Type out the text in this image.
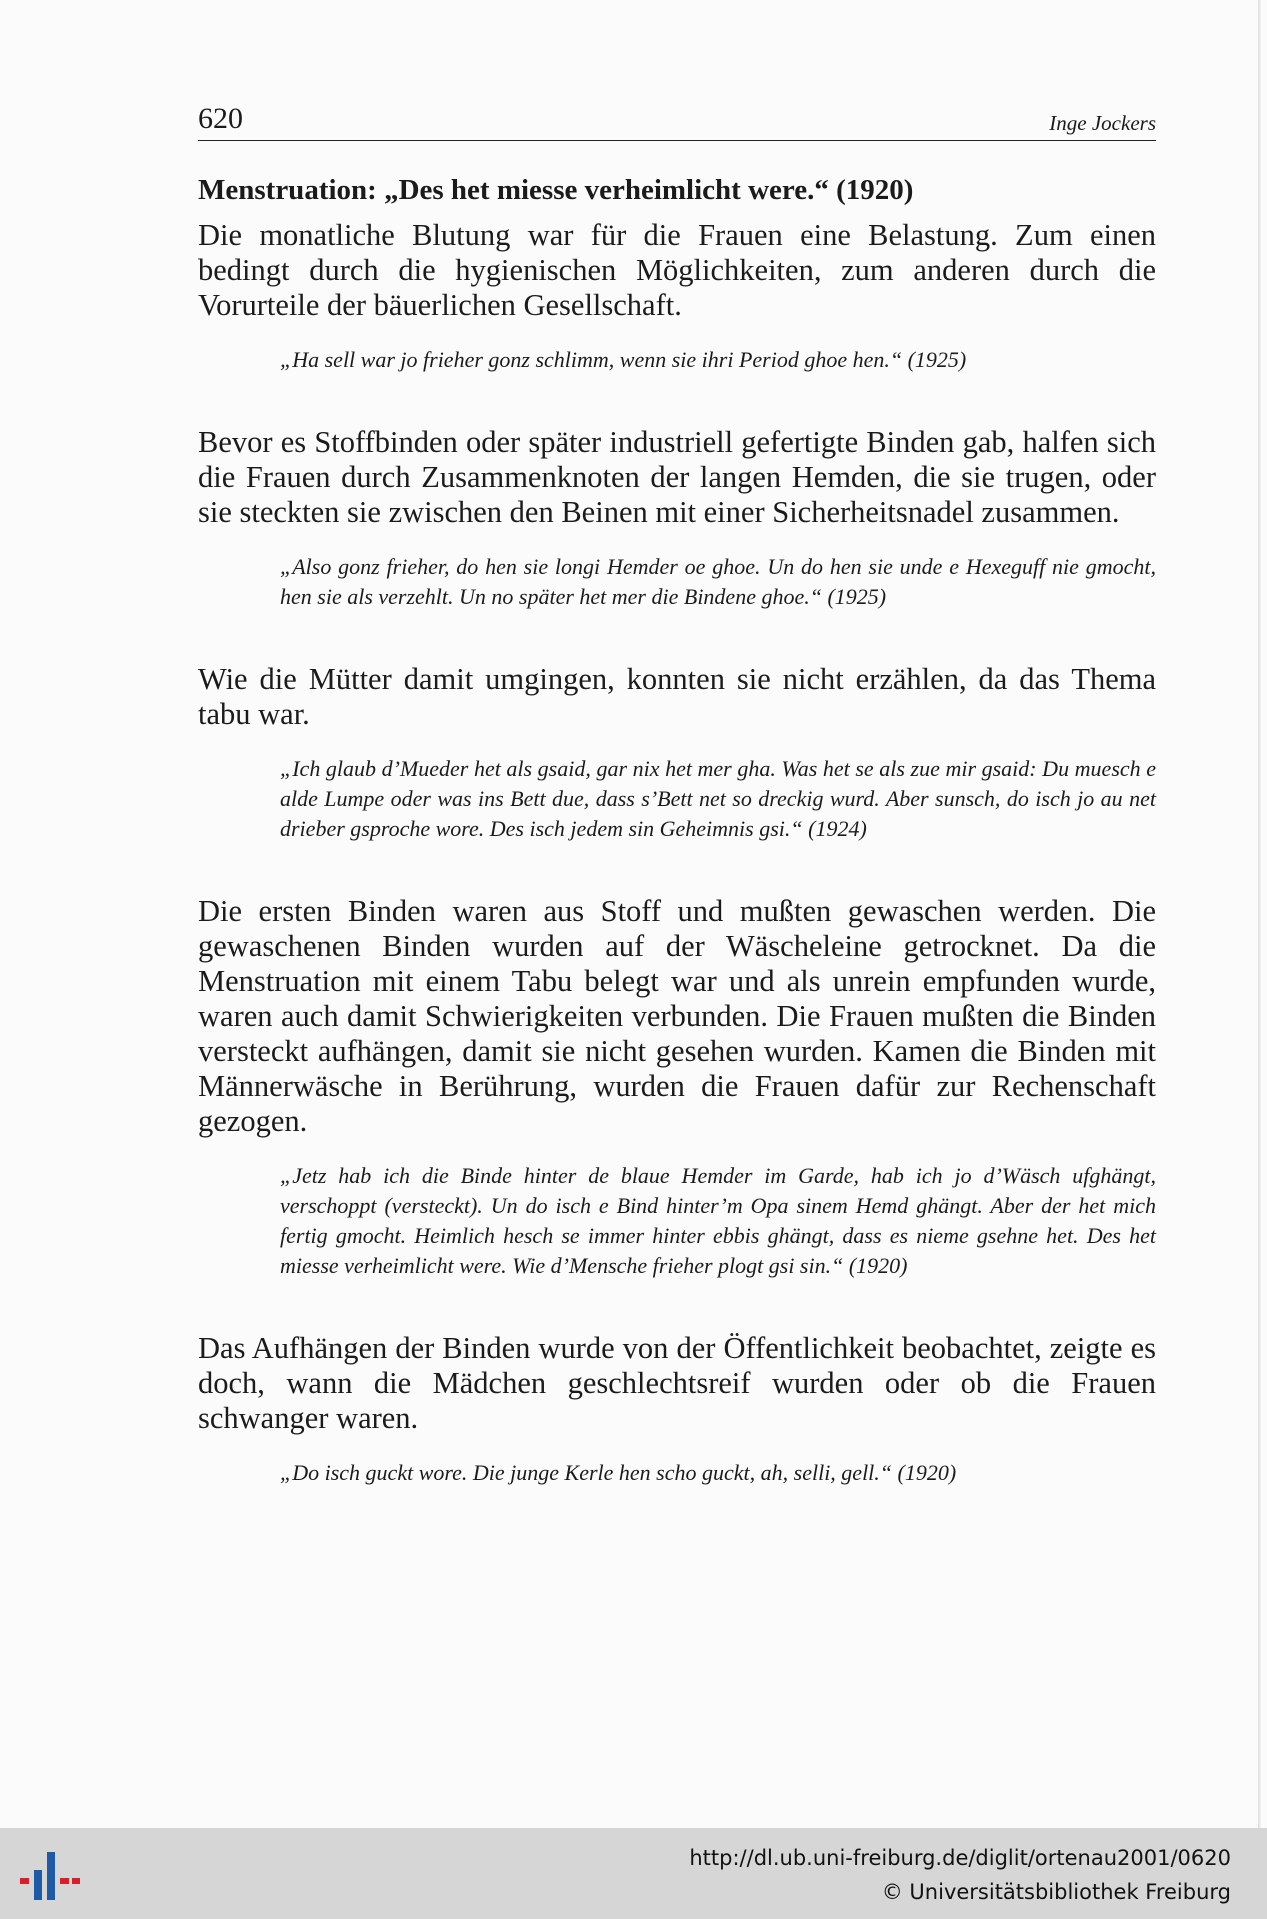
620	Inge Jockers
Menstruation: „Des het miesse verheimlicht were.“ (1920)

Die monatliche Blutung war für die Frauen eine Belastung. Zum einen bedingt durch die hygienischen Möglichkeiten, zum anderen durch die Vorurteile der bäuerlichen Gesellschaft.

„Ha sell war jo frieher gonz schlimm, wenn sie ihri Period ghoe hen.“ (1925)

Bevor es Stoffbinden oder später industriell gefertigte Binden gab, halfen sich die Frauen durch Zusammenknoten der langen Hemden, die sie trugen, oder sie steckten sie zwischen den Beinen mit einer Sicherheitsnadel zusammen.

„Also gonz frieher, do hen sie longi Hemder oe ghoe. Un do hen sie unde e Hexeguff nie gmocht, hen sie als verzehlt. Un no später het mer die Bindene ghoe.“ (1925)

Wie die Mütter damit umgingen, konnten sie nicht erzählen, da das Thema tabu war.

„Ich glaub d’Mueder het als gsaid, gar nix het mer gha. Was het se als zue mir gsaid: Du muesch e alde Lumpe oder was ins Bett due, dass s’Bett net so dreckig wurd. Aber sunsch, do isch jo au net drieber gsproche wore. Des isch jedem sin Geheimnis gsi.“ (1924)

Die ersten Binden waren aus Stoff und mußten gewaschen werden. Die gewaschenen Binden wurden auf der Wäscheleine getrocknet. Da die Menstruation mit einem Tabu belegt war und als unrein empfunden wurde, waren auch damit Schwierigkeiten verbunden. Die Frauen mußten die Binden versteckt aufhängen, damit sie nicht gesehen wurden. Kamen die Binden mit Männerwäsche in Berührung, wurden die Frauen dafür zur Rechenschaft gezogen.

„Jetz hab ich die Binde hinter de blaue Hemder im Garde, hab ich jo d’Wäsch ufghängt, verschoppt (versteckt). Un do isch e Bind hinter’m Opa sinem Hemd ghängt. Aber der het mich fertig gmocht. Heimlich hesch se immer hinter ebbis ghängt, dass es nieme gsehne het. Des het miesse verheimlicht were. Wie d’Mensche frieher plogt gsi sin.“ (1920)

Das Aufhängen der Binden wurde von der Öffentlichkeit beobachtet, zeigte es doch, wann die Mädchen geschlechtsreif wurden oder ob die Frauen schwanger waren.

„Do isch guckt wore. Die junge Kerle hen scho guckt, ah, selli, gell.“ (1920)

http://dl.ub.uni-freiburg.de/diglit/ortenau2001/0620
© Universitätsbibliothek Freiburg
